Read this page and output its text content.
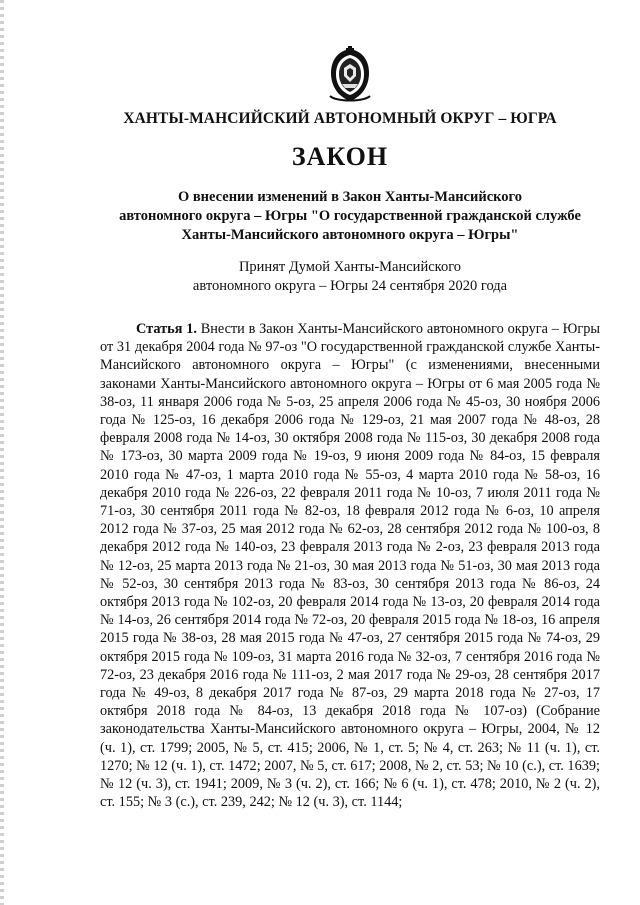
ХАНТЫ-МАНСИЙСКИЙ АВТОНОМНЫЙ ОКРУГ – ЮГРА
ЗАКОН
О внесении изменений в Закон Ханты-Мансийского
автономного округа – Югры "О государственной гражданской службе
Ханты-Мансийского автономного округа – Югры"
Принят Думой Ханты-Мансийского
автономного округа – Югры 24 сентября 2020 года

Статья 1. Внести в Закон Ханты-Мансийского автономного округа – Югры от 31 декабря 2004 года № 97-оз "О государственной гражданской службе Ханты-Мансийского автономного округа – Югры" (с изменениями, внесенными законами Ханты-Мансийского автономного округа – Югры от 6 мая 2005 года № 38-оз, 11 января 2006 года № 5-оз, 25 апреля 2006 года № 45-оз, 30 ноября 2006 года № 125-оз, 16 декабря 2006 года № 129-оз, 21 мая 2007 года № 48-оз, 28 февраля 2008 года № 14-оз, 30 октября 2008 года № 115-оз, 30 декабря 2008 года № 173-оз, 30 марта 2009 года № 19-оз, 9 июня 2009 года № 84-оз, 15 февраля 2010 года № 47-оз, 1 марта 2010 года № 55-оз, 4 марта 2010 года № 58-оз, 16 декабря 2010 года № 226-оз, 22 февраля 2011 года № 10-оз, 7 июля 2011 года № 71-оз, 30 сентября 2011 года № 82-оз, 18 февраля 2012 года № 6-оз, 10 апреля 2012 года № 37-оз, 25 мая 2012 года № 62-оз, 28 сентября 2012 года № 100-оз, 8 декабря 2012 года № 140-оз, 23 февраля 2013 года № 2-оз, 23 февраля 2013 года № 12-оз, 25 марта 2013 года № 21-оз, 30 мая 2013 года № 51-оз, 30 мая 2013 года № 52-оз, 30 сентября 2013 года № 83-оз, 30 сентября 2013 года № 86-оз, 24 октября 2013 года № 102-оз, 20 февраля 2014 года № 13-оз, 20 февраля 2014 года № 14-оз, 26 сентября 2014 года № 72-оз, 20 февраля 2015 года № 18-оз, 16 апреля 2015 года № 38-оз, 28 мая 2015 года № 47-оз, 27 сентября 2015 года № 74-оз, 29 октября 2015 года № 109-оз, 31 марта 2016 года № 32-оз, 7 сентября 2016 года № 72-оз, 23 декабря 2016 года № 111-оз, 2 мая 2017 года № 29-оз, 28 сентября 2017 года № 49-оз, 8 декабря 2017 года № 87-оз, 29 марта 2018 года № 27-оз, 17 октября 2018 года № 84-оз, 13 декабря 2018 года № 107-оз) (Собрание законодательства Ханты-Мансийского автономного округа – Югры, 2004, № 12 (ч. 1), ст. 1799; 2005, № 5, ст. 415; 2006, № 1, ст. 5; № 4, ст. 263; № 11 (ч. 1), ст. 1270; № 12 (ч. 1), ст. 1472; 2007, № 5, ст. 617; 2008, № 2, ст. 53; № 10 (с.), ст. 1639; № 12 (ч. 3), ст. 1941; 2009, № 3 (ч. 2), ст. 166; № 6 (ч. 1), ст. 478; 2010, № 2 (ч. 2), ст. 155; № 3 (с.), ст. 239, 242; № 12 (ч. 3), ст. 1144;
